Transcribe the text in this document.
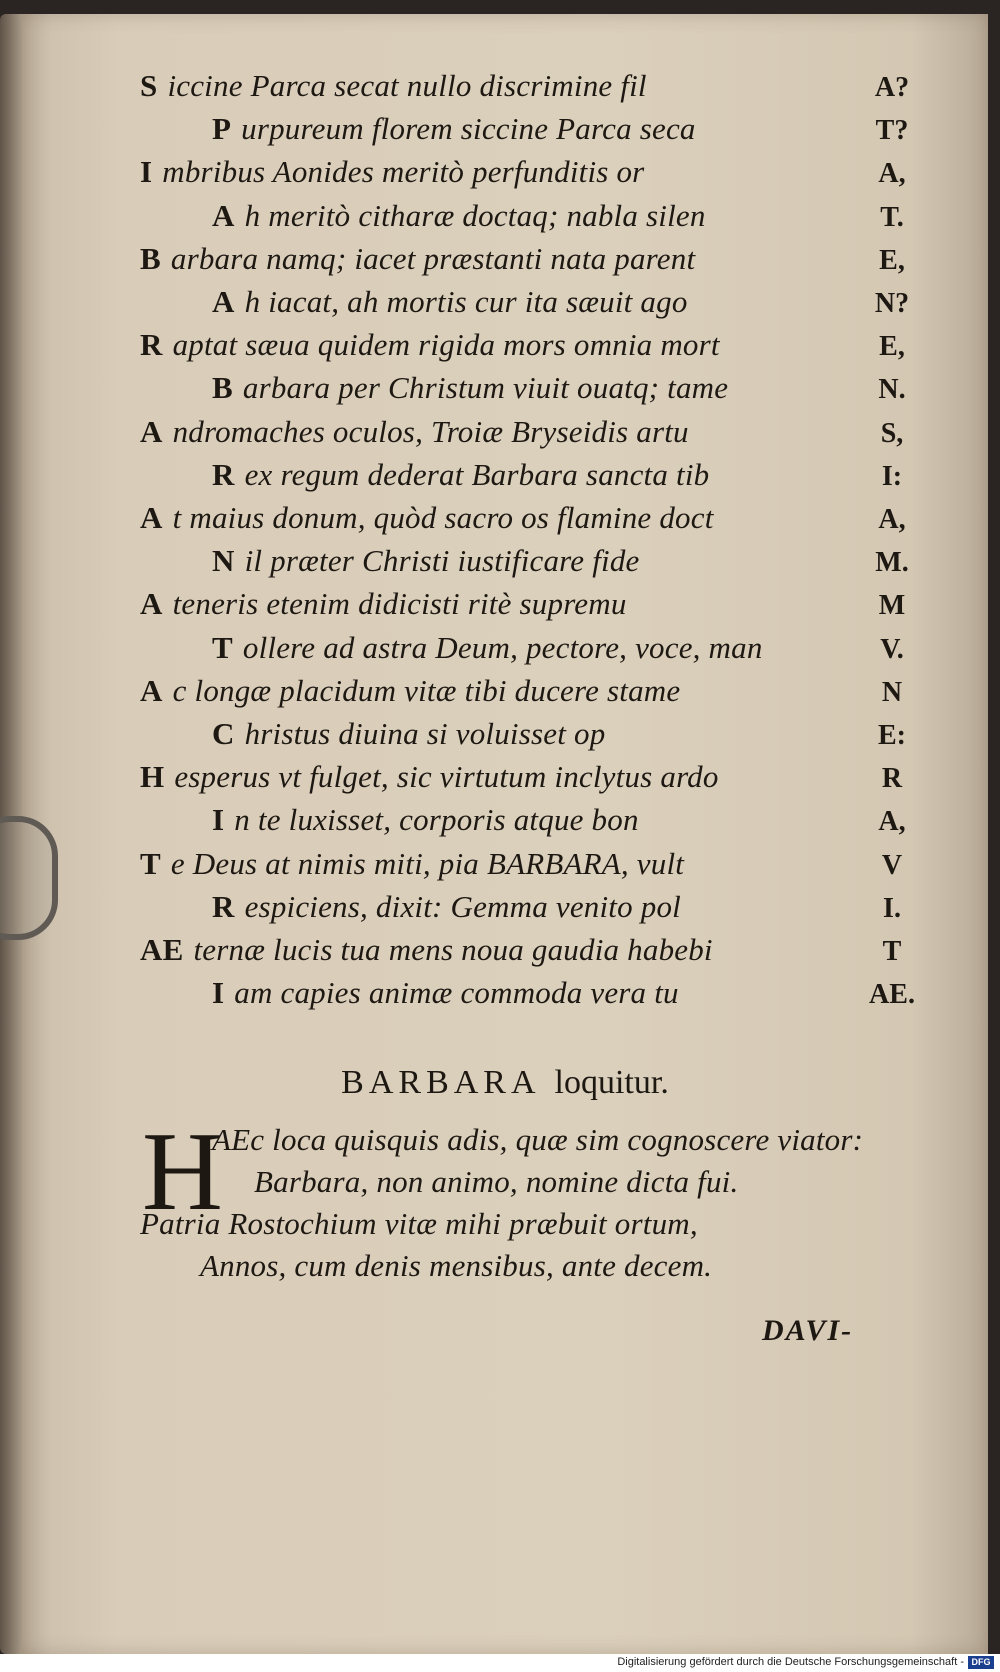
S iccine Parca secat nullo discrimine fil	A?
P urpureum florem siccine Parca seca	T?
I mbribus Aonides meritò perfunditis or	A,
A h meritò citharæ doctaq; nabla silen	T.
B arbara namq; iacet præstanti nata parent	E,
A h iacat, ah mortis cur ita sæuit ago	N?
R aptat sæua quidem rigida mors omnia mort	E,
B arbara per Christum viuit ouatq; tame	N.
A ndromaches oculos, Troiæ Bryseidis artu	S,
R ex regum dederat Barbara sancta tib	I:
A t maius donum, quòd sacro os flamine doct	A,
N il præter Christi iustificare fide	M.
A teneris etenim didicisti ritè supremu	M
T ollere ad astra Deum, pectore, voce, man	V.
A c longæ placidum vitæ tibi ducere stame	N
C hristus diuina si voluisset op	E:
H esperus vt fulget, sic virtutum inclytus ardo	R
I n te luxisset, corporis atque bon	A,
T e Deus at nimis miti, pia BARBARA, vult	V
R espiciens, dixit: Gemma venito pol	I.
AE ternæ lucis tua mens noua gaudia habebi	T
I am capies animæ commoda vera tu	AE.
BARBARA loquitur.
H
AEc loca quisquis adis, quæ sim cognoscere viator:
Barbara, non animo, nomine dicta fui.
Patria Rostochium vitæ mihi præbuit ortum,
Annos, cum denis mensibus, ante decem.
DAVI-
Digitalisierung gefördert durch die Deutsche Forschungsgemeinschaft - DFG
